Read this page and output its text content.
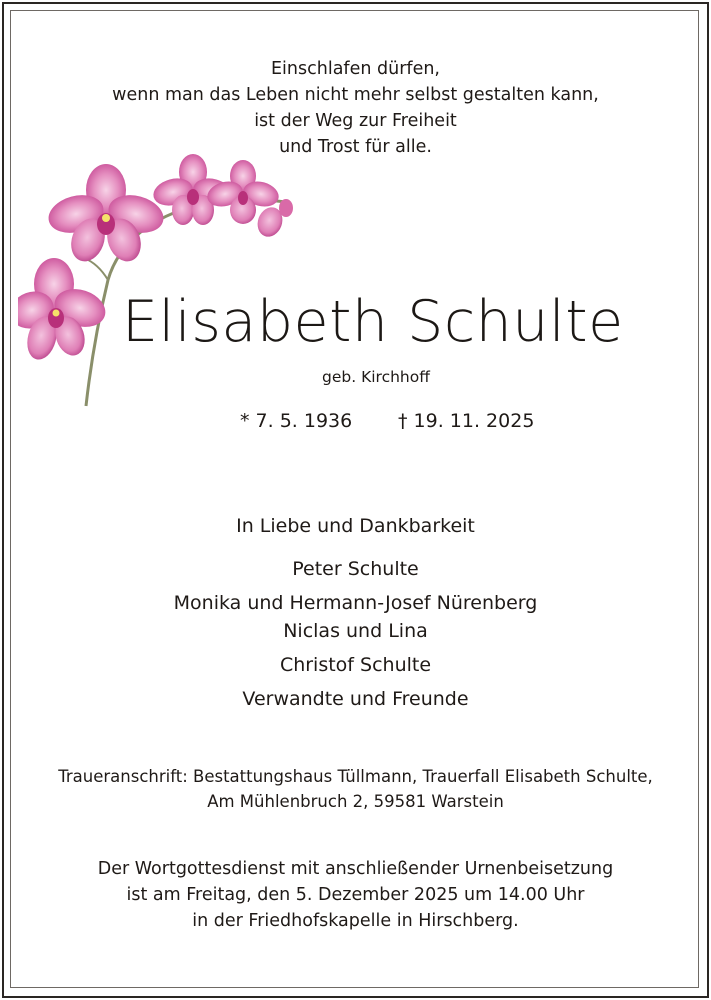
Einschlafen dürfen,
wenn man das Leben nicht mehr selbst gestalten kann,
ist der Weg zur Freiheit
und Trost für alle.
Elisabeth Schulte
geb. Kirchhoff
* 7. 5. 1936 † 19. 11. 2025
In Liebe und Dankbarkeit
Peter Schulte
Monika und Hermann-Josef Nürenberg
Niclas und Lina
Christof Schulte
Verwandte und Freunde
Traueranschrift: Bestattungshaus Tüllmann, Trauerfall Elisabeth Schulte,
Am Mühlenbruch 2, 59581 Warstein
Der Wortgottesdienst mit anschließender Urnenbeisetzung
ist am Freitag, den 5. Dezember 2025 um 14.00 Uhr
in der Friedhofskapelle in Hirschberg.
